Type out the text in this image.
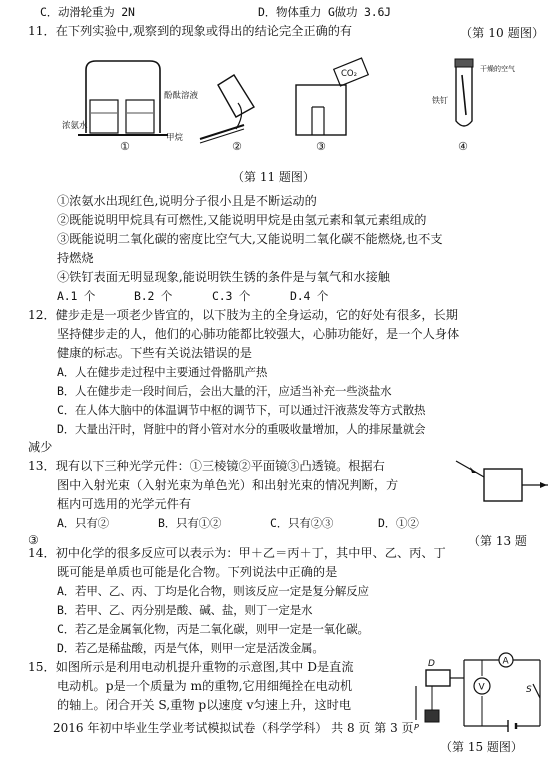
C．动滑轮重为 2N	D．物体重力 G做功 3.6J
11．在下列实验中,观察到的现象或得出的结论完全正确的有	（第 10 题图）
浓氨水
酚酞溶液
①
甲烷
②
CO₂
③
干燥的空气
铁钉
④
（第 11 题图）
①浓氨水出现红色,说明分子很小且是不断运动的
②既能说明甲烷具有可燃性,又能说明甲烷是由氢元素和氧元素组成的
③既能说明二氧化碳的密度比空气大,又能说明二氧化碳不能燃烧,也不支
持燃烧
④铁钉表面无明显现象,能说明铁生锈的条件是与氧气和水接触
A.1 个	B.2 个	C.3 个	D.4 个
12．健步走是一项老少皆宜的，以下肢为主的全身运动，它的好处有很多，长期
坚持健步走的人，他们的心肺功能都比较强大，心肺功能好，是一个人身体
健康的标志。下些有关说法错误的是
A．人在健步走过程中主要通过骨骼肌产热
B．人在健步走一段时间后，会出大量的汗，应适当补充一些淡盐水
C．在人体大脑中的体温调节中枢的调节下，可以通过汗液蒸发等方式散热
D．大量出汗时，肾脏中的肾小管对水分的重吸收量增加，人的排尿量就会
减少
13．现有以下三种光学元件：①三棱镜②平面镜③凸透镜。根据右
图中入射光束（入射光束为单色光）和出射光束的情况判断，方
框内可选用的光学元件有
A．只有②	B．只有①②	C．只有②③	D．①②
③	（第 13 题
14．初中化学的很多反应可以表示为：甲＋乙＝丙＋丁，其中甲、乙、丙、丁
既可能是单质也可能是化合物。下列说法中正确的是
A．若甲、乙、丙、丁均是化合物，则该反应一定是复分解反应
B．若甲、乙、丙分别是酸、碱、盐，则丁一定是水
C．若乙是金属氧化物，丙是二氧化碳，则甲一定是一氧化碳。
D．若乙是稀盐酸，丙是气体，则甲一定是活泼金属。
15．如图所示是利用电动机提升重物的示意图,其中 D是直流
电动机。p是一个质量为 m的重物,它用细绳拴在电动机
的轴上。闭合开关 S,重物 p以速度 v匀速上升，这时电
D
P
A
V	S
2016 年初中毕业生学业考试模拟试卷（科学学科） 共 8 页 第 3 页
（第 15 题图）
